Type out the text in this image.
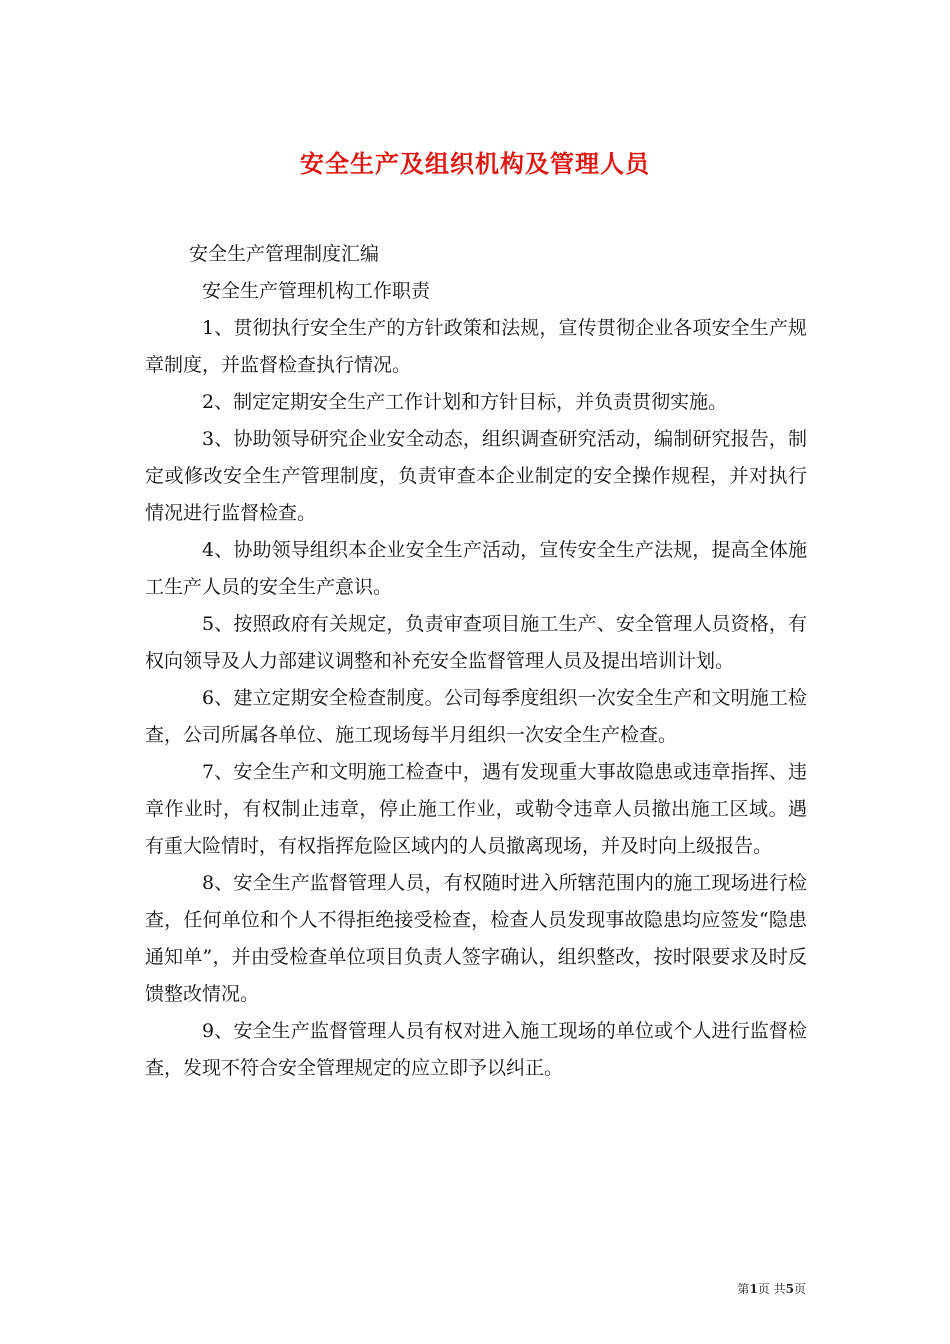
安全生产及组织机构及管理人员

安全生产管理制度汇编

安全生产管理机构工作职责

1、贯彻执行安全生产的方针政策和法规，宣传贯彻企业各项安全生产规章制度，并监督检查执行情况。

2、制定定期安全生产工作计划和方针目标，并负责贯彻实施。

3、协助领导研究企业安全动态，组织调查研究活动，编制研究报告，制定或修改安全生产管理制度，负责审查本企业制定的安全操作规程，并对执行情况进行监督检查。

4、协助领导组织本企业安全生产活动，宣传安全生产法规，提高全体施工生产人员的安全生产意识。

5、按照政府有关规定，负责审查项目施工生产、安全管理人员资格，有权向领导及人力部建议调整和补充安全监督管理人员及提出培训计划。

6、建立定期安全检查制度。公司每季度组织一次安全生产和文明施工检查，公司所属各单位、施工现场每半月组织一次安全生产检查。

7、安全生产和文明施工检查中，遇有发现重大事故隐患或违章指挥、违章作业时，有权制止违章，停止施工作业，或勒令违章人员撤出施工区域。遇有重大险情时，有权指挥危险区域内的人员撤离现场，并及时向上级报告。

8、安全生产监督管理人员，有权随时进入所辖范围内的施工现场进行检查，任何单位和个人不得拒绝接受检查，检查人员发现事故隐患均应签发“隐患通知单”，并由受检查单位项目负责人签字确认，组织整改，按时限要求及时反馈整改情况。

9、安全生产监督管理人员有权对进入施工现场的单位或个人进行监督检查，发现不符合安全管理规定的应立即予以纠正。

第1页 共5页
